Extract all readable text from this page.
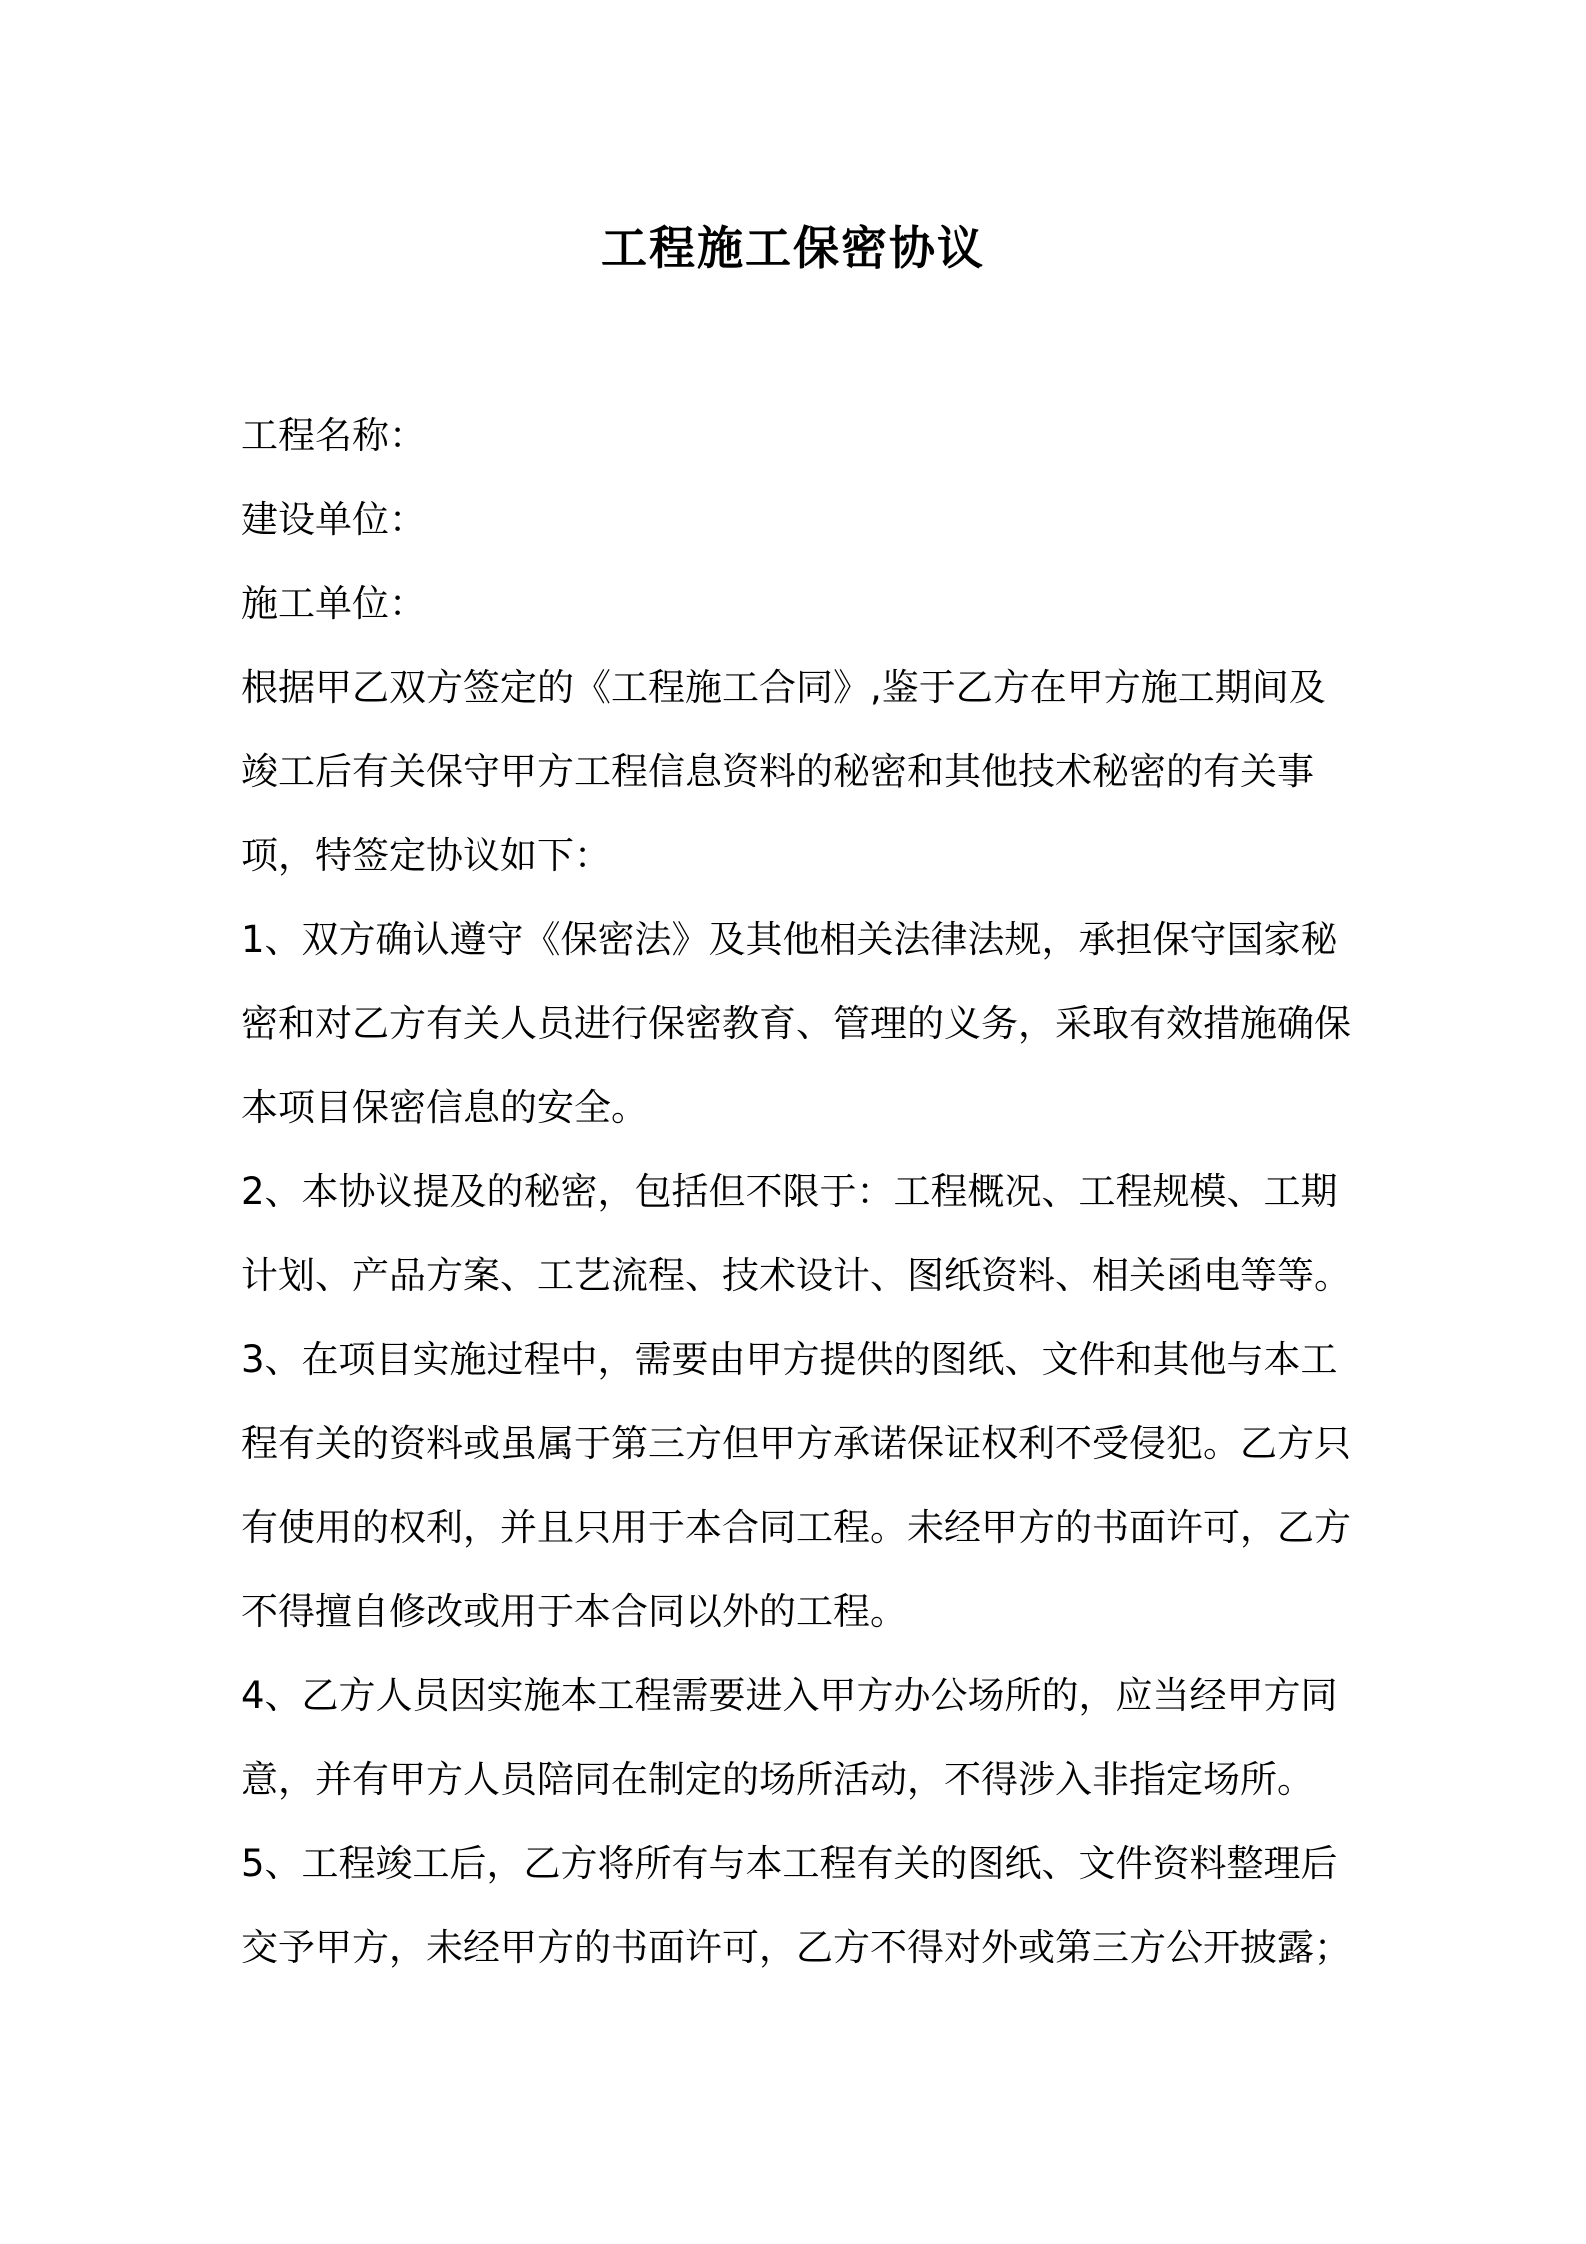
工程施工保密协议
工程名称：
建设单位：
施工单位：
根据甲乙双方签定的《工程施工合同》,鉴于乙方在甲方施工期间及
竣工后有关保守甲方工程信息资料的秘密和其他技术秘密的有关事
项，特签定协议如下：
1、双方确认遵守《保密法》及其他相关法律法规，承担保守国家秘
密和对乙方有关人员进行保密教育、管理的义务，采取有效措施确保
本项目保密信息的安全。
2、本协议提及的秘密，包括但不限于：工程概况、工程规模、工期
计划、产品方案、工艺流程、技术设计、图纸资料、相关函电等等。
3、在项目实施过程中，需要由甲方提供的图纸、文件和其他与本工
程有关的资料或虽属于第三方但甲方承诺保证权利不受侵犯。乙方只
有使用的权利，并且只用于本合同工程。未经甲方的书面许可，乙方
不得擅自修改或用于本合同以外的工程。
4、乙方人员因实施本工程需要进入甲方办公场所的，应当经甲方同
意，并有甲方人员陪同在制定的场所活动，不得涉入非指定场所。
5、工程竣工后，乙方将所有与本工程有关的图纸、文件资料整理后
交予甲方，未经甲方的书面许可，乙方不得对外或第三方公开披露；
